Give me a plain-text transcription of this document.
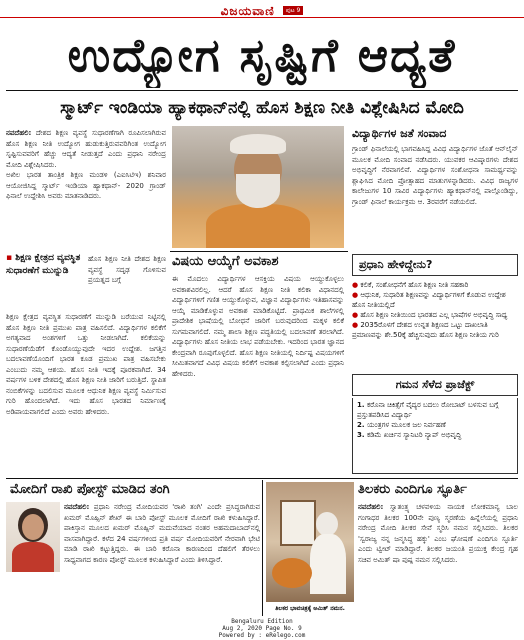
ವಿಜಯವಾಣಿ ಪುಟ 9
ಉದ್ಯೋಗ ಸೃಷ್ಟಿಗೆ ಆದ್ಯತೆ
ಸ್ಮಾರ್ಟ್ ಇಂಡಿಯಾ ಹ್ಯಾಕಥಾನ್‌ನಲ್ಲಿ ಹೊಸ ಶಿಕ್ಷಣ ನೀತಿ ವಿಶ್ಲೇಷಿಸಿದ ಮೋದಿ
ನವದೆಹಲಿ: ದೇಶದ ಶಿಕ್ಷಣ ವ್ಯವಸ್ಥೆ ಸುಧಾರಣೆಗಾಗಿ ರೂಪಿಸಲಾಗಿರುವ ಹೊಸ ಶಿಕ್ಷಣ ನೀತಿ ಉದ್ಯೋಗ ಹುಡುಕುತ್ತಿರುವವರಿಗಿಂತ ಉದ್ಯೋಗ ಸೃಷ್ಟಿಸುವವರಿಗೆ ಹೆಚ್ಚು ಆದ್ಯತೆ ನೀಡುತ್ತದೆ ಎಂದು ಪ್ರಧಾನಿ ನರೇಂದ್ರ ಮೋದಿ ವಿಶ್ಲೇಷಿಸಿದರು.
ಅಖಿಲ ಭಾರತ ತಾಂತ್ರಿಕ ಶಿಕ್ಷಣ ಮಂಡಳಿ (ಎಐಸಿಟಿಇ) ಶನಿವಾರ ಆಯೋಜಿಸಿದ್ದ ಸ್ಮಾರ್ಟ್ ಇಂಡಿಯಾ ಹ್ಯಾಕಥಾನ್- 2020 ಗ್ರಾಂಡ್ ಫಿನಾಲೆ ಉದ್ದೇಶಿಸಿ ಅವರು ಮಾತನಾಡಿದರು.
▪ ಶಿಕ್ಷಣ ಕ್ಷೇತ್ರದ ವ್ಯವಸ್ಥಿತ ಸುಧಾರಣೆಗೆ ಮುನ್ನುಡಿ
ಹೊಸ ಶಿಕ್ಷಣ ನೀತಿ ದೇಶದ ಶಿಕ್ಷಣ ವ್ಯವಸ್ಥೆ ಸದೃಢ ಗೊಳಿಸುವ ಪ್ರಯತ್ನದ ಬಗ್ಗೆ
ಶಿಕ್ಷಣ ಕ್ಷೇತ್ರದ ವ್ಯವಸ್ಥಿತ ಸುಧಾರಣೆಗೆ ಮುನ್ನುಡಿ ಬರೆಯುವ ನಿಟ್ಟಿನಲ್ಲಿ ಹೊಸ ಶಿಕ್ಷಣ ನೀತಿ ಪ್ರಮುಖ ಪಾತ್ರ ವಹಿಸಲಿದೆ. ವಿದ್ಯಾರ್ಥಿಗಳ ಕಲಿಕೆಗೆ ಅಗತ್ಯವಾದ ಅಂಶಗಳಿಗೆ ಒತ್ತು ನೀಡಲಾಗಿದೆ. ಕಲಿಕೆಯನ್ನು ಸುಧಾರಣೆಯೆಡೆಗೆ ಕೊಂಡೊಯ್ಯುವುದೇ ಇದರ ಉದ್ದೇಶ. ಜಗತ್ತಿನ ಬದಲಾವಣೆಯೊಂದಿಗೆ ಭಾರತ ಕೂಡ ಪ್ರಮುಖ ಪಾತ್ರ ವಹಿಸಬೇಕು ಎಂಬುದು ನಮ್ಮ ಆಶಯ. ಹೊಸ ನೀತಿ ಇದಕ್ಕೆ ಪೂರಕವಾಗಿದೆ. 34 ವರ್ಷಗಳ ಬಳಿಕ ದೇಶದಲ್ಲಿ ಹೊಸ ಶಿಕ್ಷಣ ನೀತಿ ಜಾರಿಗೆ ಬರುತ್ತಿದೆ. ಸ್ಥಾಪಿತ ನಂಬಿಕೆಗಳನ್ನು ಬದಲಿಸುವ ಮೂಲಕ ಆಧುನಿಕ ಶಿಕ್ಷಣ ವ್ಯವಸ್ಥೆ ನಿರ್ಮಿಸುವ ಗುರಿ ಹೊಂದಲಾಗಿದೆ. ಇದು ಹೊಸ ಭಾರತದ ನಿರ್ಮಾಣಕ್ಕೆ ಅಡಿಪಾಯವಾಗಲಿದೆ ಎಂದು ಅವರು ಹೇಳಿದರು.
ವಿಷಯ ಆಯ್ಕೆಗೆ ಅವಕಾಶ
ಈ ಮೊದಲು ವಿದ್ಯಾರ್ಥಿಗಳ ಆಸಕ್ತಿಯ ವಿಷಯ ಆಯ್ದುಕೊಳ್ಳಲು ಅವಕಾಶವಿರಲಿಲ್ಲ. ಆದರೆ ಹೊಸ ಶಿಕ್ಷಣ ನೀತಿ ಕಲಿಕಾ ವಿಧಾನದಲ್ಲಿ ವಿದ್ಯಾರ್ಥಿಗಳಿಗೆ ಗಣಿತ ಆಯ್ದುಕೊಳ್ಳುವ, ವಿಜ್ಞಾನ ವಿದ್ಯಾರ್ಥಿಗಳು ಇತಿಹಾಸವನ್ನು ಆಯ್ಕೆ ಮಾಡಿಕೊಳ್ಳುವ ಅವಕಾಶ ಮಾಡಿಕೊಟ್ಟಿದೆ. ಪ್ರಾಥಮಿಕ ಶಾಲೆಗಳಲ್ಲಿ ಪ್ರಾದೇಶಿಕ ಭಾಷೆಯಲ್ಲಿ ಬೋಧನೆ ಜಾರಿಗೆ ಬರುವುದರಿಂದ ಮಕ್ಕಳ ಕಲಿಕೆ ಸುಗಮವಾಗಲಿದೆ. ನಮ್ಮ ಶಾಲಾ ಶಿಕ್ಷಣ ಪದ್ಧತಿಯಲ್ಲಿ ಬದಲಾವಣೆ ತರಲಾಗಿದೆ. ವಿದ್ಯಾರ್ಥಿಗಳು ಹೊಸ ನೀತಿಯ ಲಾಭ ಪಡೆಯಬೇಕು. ಇದರಿಂದ ಭಾರತ ಜ್ಞಾನದ ಕೇಂದ್ರವಾಗಿ ರೂಪುಗೊಳ್ಳಲಿದೆ. ಹೊಸ ಶಿಕ್ಷಣ ನೀತಿಯಲ್ಲಿ ನಿರ್ದಿಷ್ಟ ವಿಷಯಗಳಿಗೆ ಸೀಮಿತವಾಗದೆ ವಿವಿಧ ವಿಷಯ ಕಲಿಕೆಗೆ ಅವಕಾಶ ಕಲ್ಪಿಸಲಾಗಿದೆ ಎಂದು ಪ್ರಧಾನಿ ಹೇಳಿದರು.
ವಿದ್ಯಾರ್ಥಿಗಳ ಜತೆ ಸಂವಾದ
ಗ್ರಾಂಡ್ ಫಿನಾಲೆಯಲ್ಲಿ ಭಾಗವಹಿಸಿದ್ದ ವಿವಿಧ ವಿದ್ಯಾರ್ಥಿಗಳ ಜೊತೆ ಆನ್‌ಲೈನ್ ಮೂಲಕ ಮೋದಿ ಸಂವಾದ ನಡೆಸಿದರು. ಯುವಕರ ಆವಿಷ್ಕಾರಗಳು ದೇಶದ ಅಭಿವೃದ್ಧಿಗೆ ನೆರವಾಗಲಿವೆ. ವಿದ್ಯಾರ್ಥಿಗಳ ಸಂಶೋಧನಾ ಸಾಮರ್ಥ್ಯವನ್ನು ಶ್ಲಾಘಿಸಿದ ಮೋದಿ ಪ್ರೋತ್ಸಾಹದ ಮಾತುಗಳನ್ನಾಡಿದರು. ವಿವಿಧ ರಾಜ್ಯಗಳ ಕಾಲೇಜುಗಳ 10 ಸಾವಿರ ವಿದ್ಯಾರ್ಥಿಗಳು ಹ್ಯಾಕಥಾನ್‌ನಲ್ಲಿ ಪಾಲ್ಗೊಂಡಿದ್ದು, ಗ್ರಾಂಡ್ ಫಿನಾಲೆ ಕಾರ್ಯಕ್ರಮ ಆ. 3ರವರೆಗೆ ನಡೆಯಲಿದೆ.
ಪ್ರಧಾನಿ ಹೇಳಿದ್ದೇನು?
● ಕಲಿಕೆ, ಸಂಶೋಧನೆಗೆ ಹೊಸ ಶಿಕ್ಷಣ ನೀತಿ ಸಹಕಾರಿ
● ಆಧುನಿಕ, ಸುಧಾರಿತ ಶಿಕ್ಷಣವನ್ನು ವಿದ್ಯಾರ್ಥಿಗಳಿಗೆ ಕೊಡುವ ಉದ್ದೇಶ ಹೊಸ ನೀತಿಯಲ್ಲಿದೆ
● ಹೊಸ ಶಿಕ್ಷಣ ನೀತಿಯಿಂದ ಭಾರತದ ಎಲ್ಲ ಭಾಷೆಗಳ ಅಭಿವೃದ್ಧಿ ಸಾಧ್ಯ
● 2035ರೊಳಗೆ ದೇಶದ ಉನ್ನತ ಶಿಕ್ಷಣದ ಒಟ್ಟು ದಾಖಲಾತಿ ಪ್ರಮಾಣವನ್ನು ಶೇ.50ಕ್ಕೆ ಹೆಚ್ಚಿಸುವುದು ಹೊಸ ಶಿಕ್ಷಣ ನೀತಿಯ ಗುರಿ
ಗಮನ ಸೆಳೆದ ಪ್ರಾಜೆಕ್ಟ್
1. ಕರೊನಾ ಚಿಕಿತ್ಸೆಗೆ ವೈದ್ಯರ ಬದಲು ರೋಬಾಟ್ ಬಳಸುವ ಬಗ್ಗೆ ಪ್ರಸ್ತುತಪಡಿಸಿದ ವಿದ್ಯಾರ್ಥಿ
2. ಯಂತ್ರಗಳ ಮೂಲಕ ಜಲ ನಿರ್ವಹಣೆ
3. ಕಡಿಮೆ ಖರ್ಚಿನ ಸ್ಯಾನಿಟರಿ ನ್ಯಾಪ್ ಅಭಿವೃದ್ಧಿ
ಮೋದಿಗೆ ರಾಖಿ ಪೋಸ್ಟ್ ಮಾಡಿದ ತಂಗಿ
ನವದೆಹಲಿ: ಪ್ರಧಾನಿ ನರೇಂದ್ರ ಮೋದಿಯವರ 'ರಾಖಿ ತಂಗಿ' ಎಂದೇ ಪ್ರಸಿದ್ಧರಾಗಿರುವ ಖಮರ್ ಮೊಹ್ಸಿನ್ ಶೇಖ್ ಈ ಬಾರಿ ಪೋಸ್ಟ್ ಮೂಲಕ ಮೋದಿಗೆ ರಾಖಿ ಕಳುಹಿಸಿದ್ದಾರೆ. ಪಾಕಿಸ್ತಾನ ಮೂಲದ ಖಮರ್ ಮೊಹ್ಸಿನ್ ಮದುವೆಯಾದ ನಂತರ ಅಹಮದಾಬಾದ್‌ನಲ್ಲಿ ವಾಸವಾಗಿದ್ದಾರೆ. ಕಳೆದ 24 ವರ್ಷಗಳಿಂದ ಪ್ರತಿ ವರ್ಷ ಮೋದಿಯವರಿಗೆ ನೇರವಾಗಿ ಭೇಟಿ ಮಾಡಿ ರಾಖಿ ಕಟ್ಟುತ್ತಿದ್ದರು. ಈ ಬಾರಿ ಕರೊನಾ ಕಾರಣದಿಂದ ದೆಹಲಿಗೆ ತೆರಳಲು ಸಾಧ್ಯವಾಗದ ಕಾರಣ ಪೋಸ್ಟ್ ಮೂಲಕ ಕಳುಹಿಸಿದ್ದಾರೆ ಎಂದು ತಿಳಿಸಿದ್ದಾರೆ.
ತಿಲಕರು ಎಂದಿಗೂ ಸ್ಫೂರ್ತಿ
ತಿಲಕರ ಭಾವಚಿತ್ರಕ್ಕೆ ಅಮಿತ್ ನಮನ.
ನವದೆಹಲಿ: ಸ್ವಾತಂತ್ರ್ಯ ಚಳವಳಿಯ ನಾಯಕ ಲೋಕಮಾನ್ಯ ಬಾಲ ಗಂಗಾಧರ ತಿಲಕರ 100ನೇ ಪುಣ್ಯ ಸ್ಮರಣೆಯ ಹಿನ್ನೆಲೆಯಲ್ಲಿ ಪ್ರಧಾನಿ ನರೇಂದ್ರ ಮೋದಿ ತಿಲಕರ ಸೇವೆ ಸ್ಮರಿಸಿ ನಮನ ಸಲ್ಲಿಸಿದರು. ತಿಲಕರ 'ಸ್ವರಾಜ್ಯ ನನ್ನ ಜನ್ಮಸಿದ್ಧ ಹಕ್ಕು' ಎಂಬ ಘೋಷಣೆ ಎಂದಿಗೂ ಸ್ಫೂರ್ತಿ ಎಂದು ಟ್ವೀಟ್ ಮಾಡಿದ್ದಾರೆ. ತಿಲಕರ ಜಯಂತಿ ಪ್ರಯುಕ್ತ ಕೇಂದ್ರ ಗೃಹ ಸಚಿವ ಅಮಿತ್ ಷಾ ಪುಷ್ಪ ನಮನ ಸಲ್ಲಿಸಿದರು.
Bengaluru Edition
Aug 2, 2020 Page No. 9
Powered by : eRelego.com
